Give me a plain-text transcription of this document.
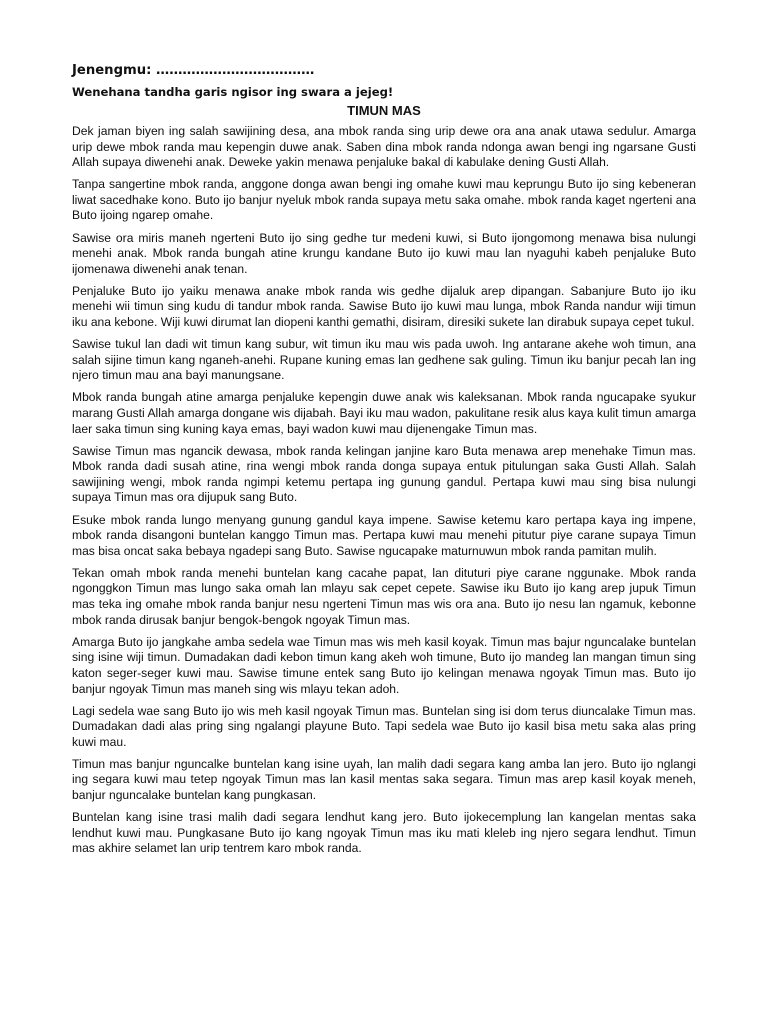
Jenengmu: ………………………………
Wenehana tandha garis ngisor ing swara a jejeg!
TIMUN MAS

Dek jaman biyen ing salah sawijining desa, ana mbok randa sing urip dewe ora ana anak utawa sedulur. Amarga urip dewe mbok randa mau kepengin duwe anak. Saben dina mbok randa ndonga awan bengi ing ngarsane Gusti Allah supaya diwenehi anak. Deweke yakin menawa penjaluke bakal di kabulake dening Gusti Allah.

Tanpa sangertine mbok randa, anggone donga awan bengi ing omahe kuwi mau keprungu Buto ijo sing kebeneran liwat sacedhake kono. Buto ijo banjur nyeluk mbok randa supaya metu saka omahe. mbok randa kaget ngerteni ana Buto ijoing ngarep omahe.

Sawise ora miris maneh ngerteni Buto ijo sing gedhe tur medeni kuwi, si Buto ijongomong menawa bisa nulungi menehi anak. Mbok randa bungah atine krungu kandane Buto ijo kuwi mau lan nyaguhi kabeh penjaluke Buto ijomenawa diwenehi anak tenan.

Penjaluke Buto ijo yaiku menawa anake mbok randa wis gedhe dijaluk arep dipangan. Sabanjure Buto ijo iku menehi wii timun sing kudu di tandur mbok randa. Sawise Buto ijo kuwi mau lunga, mbok Randa nandur wiji timun iku ana kebone. Wiji kuwi dirumat lan diopeni kanthi gemathi, disiram, diresiki sukete lan dirabuk supaya cepet tukul.

Sawise tukul lan dadi wit timun kang subur, wit timun iku mau wis pada uwoh. Ing antarane akehe woh timun, ana salah sijine timun kang nganeh-anehi. Rupane kuning emas lan gedhene sak guling. Timun iku banjur pecah lan ing njero timun mau ana bayi manungsane.

Mbok randa bungah atine amarga penjaluke kepengin duwe anak wis kaleksanan. Mbok randa ngucapake syukur marang Gusti Allah amarga dongane wis dijabah. Bayi iku mau wadon, pakulitane resik alus kaya kulit timun amarga laer saka timun sing kuning kaya emas, bayi wadon kuwi mau dijenengake Timun mas.

Sawise Timun mas ngancik dewasa, mbok randa kelingan janjine karo Buta menawa arep menehake Timun mas. Mbok randa dadi susah atine, rina wengi mbok randa donga supaya entuk pitulungan saka Gusti Allah. Salah sawijining wengi, mbok randa ngimpi ketemu pertapa ing gunung gandul. Pertapa kuwi mau sing bisa nulungi supaya Timun mas ora dijupuk sang Buto.

Esuke mbok randa lungo menyang gunung gandul kaya impene. Sawise ketemu karo pertapa kaya ing impene, mbok randa disangoni buntelan kanggo Timun mas. Pertapa kuwi mau menehi pitutur piye carane supaya Timun mas bisa oncat saka bebaya ngadepi sang Buto. Sawise ngucapake maturnuwun mbok randa pamitan mulih.

Tekan omah mbok randa menehi buntelan kang cacahe papat, lan dituturi piye carane nggunake. Mbok randa ngonggkon Timun mas lungo saka omah lan mlayu sak cepet cepete. Sawise iku Buto ijo kang arep jupuk Timun mas teka ing omahe mbok randa banjur nesu ngerteni Timun mas wis ora ana. Buto ijo nesu lan ngamuk, kebonne mbok randa dirusak banjur bengok-bengok ngoyak Timun mas.

Amarga Buto ijo jangkahe amba sedela wae Timun mas wis meh kasil koyak. Timun mas bajur nguncalake buntelan sing isine wiji timun. Dumadakan dadi kebon timun kang akeh woh timune, Buto ijo mandeg lan mangan timun sing katon seger-seger kuwi mau. Sawise timune entek sang Buto ijo kelingan menawa ngoyak Timun mas. Buto ijo banjur ngoyak Timun mas maneh sing wis mlayu tekan adoh.

Lagi sedela wae sang Buto ijo wis meh kasil ngoyak Timun mas. Buntelan sing isi dom terus diuncalake Timun mas. Dumadakan dadi alas pring sing ngalangi playune Buto. Tapi sedela wae Buto ijo kasil bisa metu saka alas pring kuwi mau.

Timun mas banjur nguncalke buntelan kang isine uyah, lan malih dadi segara kang amba lan jero. Buto ijo nglangi ing segara kuwi mau tetep ngoyak Timun mas lan kasil mentas saka segara. Timun mas arep kasil koyak meneh, banjur nguncalake buntelan kang pungkasan.

Buntelan kang isine trasi malih dadi segara lendhut kang jero. Buto ijokecemplung lan kangelan mentas saka lendhut kuwi mau. Pungkasane Buto ijo kang ngoyak Timun mas iku mati kleleb ing njero segara lendhut. Timun mas akhire selamet lan urip tentrem karo mbok randa.
